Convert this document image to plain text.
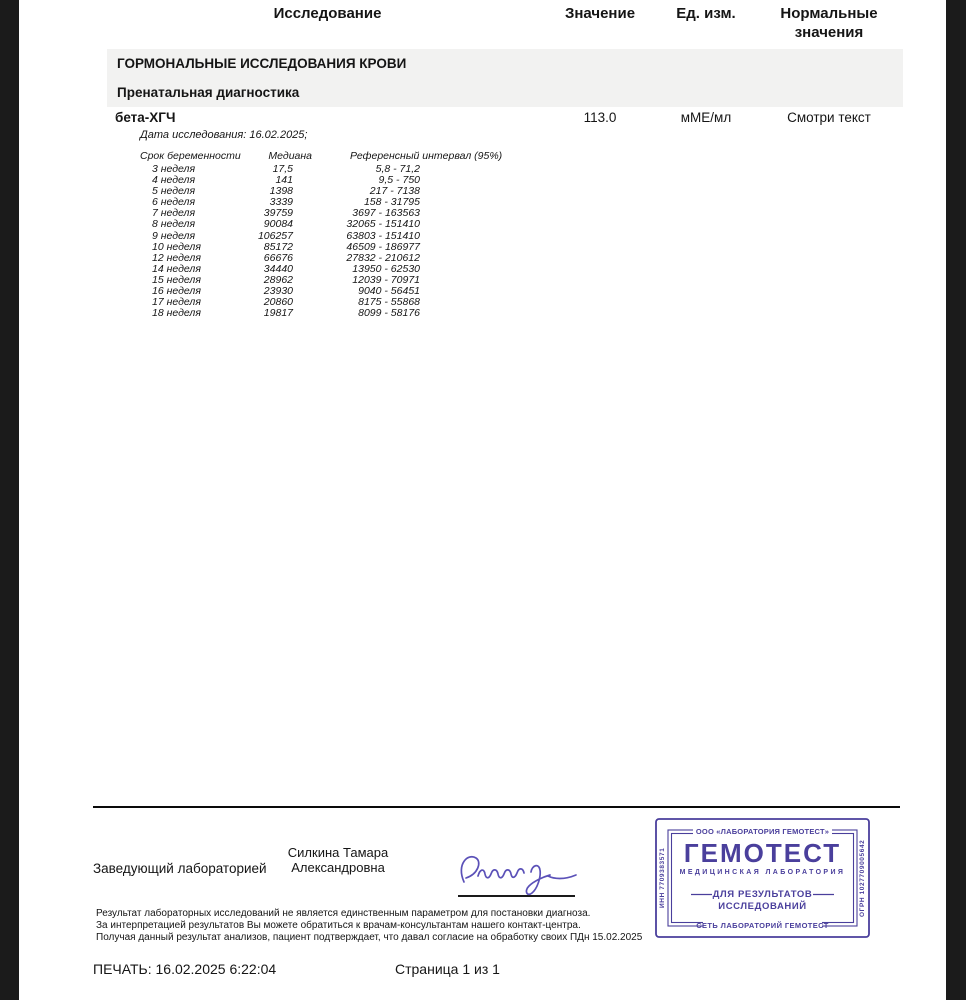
Исследование	Значение	Ед. изм.	Нормальные значения
ГОРМОНАЛЬНЫЕ ИССЛЕДОВАНИЯ КРОВИ
Пренатальная диагностика
бета-ХГЧ	113.0	мМЕ/мл	Смотри текст
Дата исследования: 16.02.2025;
Срок беременности	Медиана	Референсный интервал (95%)
3 неделя	17,5	5,8 - 71,2
4 неделя	141	9,5 - 750
5 неделя	1398	217 - 7138
6 неделя	3339	158 - 31795
7 неделя	39759	3697 - 163563
8 неделя	90084	32065 - 151410
9 неделя	106257	63803 - 151410
10 неделя	85172	46509 - 186977
12 неделя	66676	27832 - 210612
14 неделя	34440	13950 - 62530
15 неделя	28962	12039 - 70971
16 неделя	23930	9040 - 56451
17 неделя	20860	8175 - 55868
18 неделя	19817	8099 - 58176
Заведующий лабораторией
Силкина Тамара Александровна
Результат лабораторных исследований не является единственным параметром для постановки диагноза.
За интерпретацией результатов Вы можете обратиться к врачам-консультантам нашего контакт-центра.
Получая данный результат анализов, пациент подтверждает, что давал согласие на обработку своих ПДн 15.02.2025
ПЕЧАТЬ: 16.02.2025 6:22:04	Страница 1 из 1
ООО «ЛАБОРАТОРИЯ ГЕМОТЕСТ»
ГЕМОТЕСТ
МЕДИЦИНСКАЯ ЛАБОРАТОРИЯ
ДЛЯ РЕЗУЛЬТАТОВ
ИССЛЕДОВАНИЙ
СЕТЬ ЛАБОРАТОРИЙ ГЕМОТЕСТ
ИНН 7709383571	ОГРН 1027709005642
